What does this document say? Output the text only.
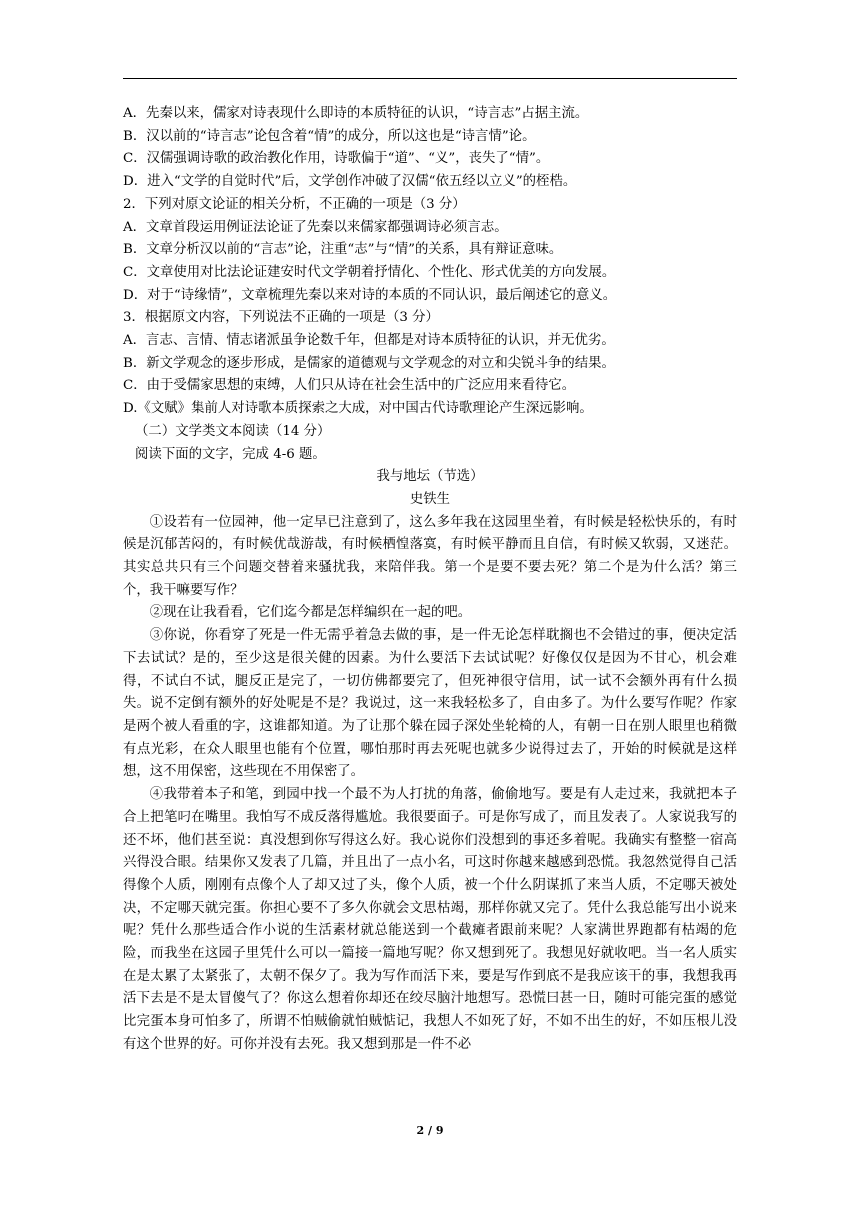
A．先秦以来，儒家对诗表现什么即诗的本质特征的认识，“诗言志”占据主流。
B．汉以前的“诗言志”论包含着“情”的成分，所以这也是“诗言情”论。
C．汉儒强调诗歌的政治教化作用，诗歌偏于“道”、“义”，丧失了“情”。
D．进入“文学的自觉时代”后，文学创作冲破了汉儒“依五经以立义”的桎梏。
2．下列对原文论证的相关分析，不正确的一项是（3 分）
A．文章首段运用例证法论证了先秦以来儒家都强调诗必须言志。
B．文章分析汉以前的“言志”论，注重“志”与“情”的关系，具有辩证意味。
C．文章使用对比法论证建安时代文学朝着抒情化、个性化、形式优美的方向发展。
D．对于“诗缘情”，文章梳理先秦以来对诗的本质的不同认识，最后阐述它的意义。
3．根据原文内容，下列说法不正确的一项是（3 分）
A．言志、言情、情志诸派虽争论数千年，但都是对诗本质特征的认识，并无优劣。
B．新文学观念的逐步形成，是儒家的道德观与文学观念的对立和尖锐斗争的结果。
C．由于受儒家思想的束缚，人们只从诗在社会生活中的广泛应用来看待它。
D.《文赋》集前人对诗歌本质探索之大成，对中国古代诗歌理论产生深远影响。
（二）文学类文本阅读（14 分）
阅读下面的文字，完成 4-6 题。
我与地坛（节选）
史铁生

①设若有一位园神，他一定早已注意到了，这么多年我在这园里坐着，有时候是轻松快乐的，有时候是沉郁苦闷的，有时候优哉游哉，有时候栖惶落寞，有时候平静而且自信，有时候又软弱，又迷茫。其实总共只有三个问题交替着来骚扰我，来陪伴我。第一个是要不要去死？第二个是为什么活？第三个，我干嘛要写作？

②现在让我看看，它们迄今都是怎样编织在一起的吧。

③你说，你看穿了死是一件无需乎着急去做的事，是一件无论怎样耽搁也不会错过的事，便决定活下去试试？是的，至少这是很关健的因素。为什么要活下去试试呢？好像仅仅是因为不甘心，机会难得，不试白不试，腿反正是完了，一切仿佛都要完了，但死神很守信用，试一试不会额外再有什么损失。说不定倒有额外的好处呢是不是？我说过，这一来我轻松多了，自由多了。为什么要写作呢？作家是两个被人看重的字，这谁都知道。为了让那个躲在园子深处坐轮椅的人，有朝一日在别人眼里也稍微有点光彩，在众人眼里也能有个位置，哪怕那时再去死呢也就多少说得过去了，开始的时候就是这样想，这不用保密，这些现在不用保密了。

④我带着本子和笔，到园中找一个最不为人打扰的角落，偷偷地写。要是有人走过来，我就把本子合上把笔叼在嘴里。我怕写不成反落得尴尬。我很要面子。可是你写成了，而且发表了。人家说我写的还不坏，他们甚至说：真没想到你写得这么好。我心说你们没想到的事还多着呢。我确实有整整一宿高兴得没合眼。结果你又发表了几篇，并且出了一点小名，可这时你越来越感到恐慌。我忽然觉得自己活得像个人质，刚刚有点像个人了却又过了头，像个人质，被一个什么阴谋抓了来当人质，不定哪天被处决，不定哪天就完蛋。你担心要不了多久你就会文思枯竭，那样你就又完了。凭什么我总能写出小说来呢？凭什么那些适合作小说的生活素材就总能送到一个截瘫者跟前来呢？人家满世界跑都有枯竭的危险，而我坐在这园子里凭什么可以一篇接一篇地写呢？你又想到死了。我想见好就收吧。当一名人质实在是太累了太紧张了，太朝不保夕了。我为写作而活下来，要是写作到底不是我应该干的事，我想我再活下去是不是太冒傻气了？你这么想着你却还在绞尽脑汁地想写。恐慌曰甚一日，随时可能完蛋的感觉比完蛋本身可怕多了，所谓不怕贼偷就怕贼惦记，我想人不如死了好，不如不出生的好，不如压根儿没有这个世界的好。可你并没有去死。我又想到那是一件不必

2 / 9
